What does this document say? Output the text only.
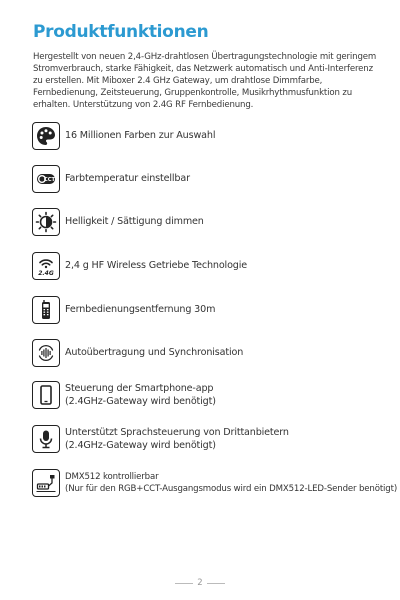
Produktfunktionen
Hergestellt von neuen 2,4-GHz-drahtlosen Übertragungstechnologie mit geringem Stromverbrauch, starke Fähigkeit, das Netzwerk automatisch und Anti-Interferenz zu erstellen. Mit Miboxer 2.4 GHz Gateway, um drahtlose Dimmfarbe, Fernbedienung, Zeitsteuerung, Gruppenkontrolle, Musikrhythmusfunktion zu erhalten. Unterstützung von 2.4G RF Fernbedienung.
16 Millionen Farben zur Auswahl
CCT Farbtemperatur einstellbar
Helligkeit / Sättigung dimmen
2.4G
2,4 g HF Wireless Getriebe Technologie
Fernbedienungsentfernung 30m
Autoübertragung und Synchronisation
Steuerung der Smartphone-app
(2.4GHz-Gateway wird benötigt)
Unterstützt Sprachsteuerung von Drittanbietern
(2.4GHz-Gateway wird benötigt)
DMX512 kontrollierbar
(Nur für den RGB+CCT-Ausgangsmodus wird ein DMX512-LED-Sender benötigt)
2
